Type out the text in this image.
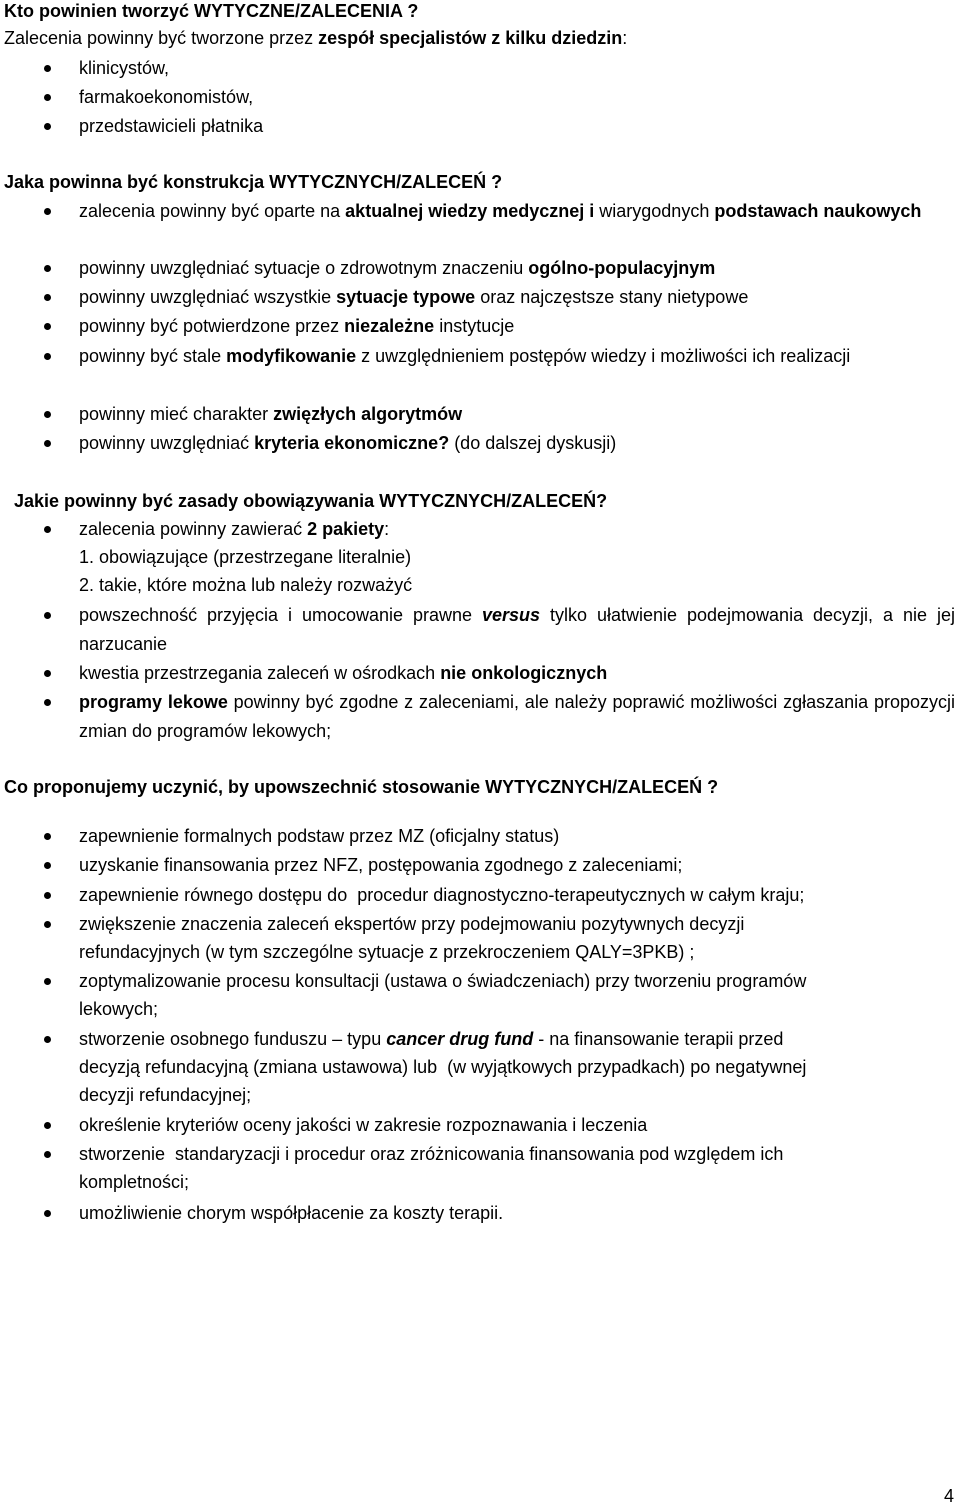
Kto powinien tworzyć WYTYCZNE/ZALECENIA ?
Zalecenia powinny być tworzone przez zespół specjalistów z kilku dziedzin:
klinicystów,
farmakoekonomistów,
przedstawicieli płatnika
Jaka powinna być konstrukcja WYTYCZNYCH/ZALECEŃ ?
zalecenia powinny być oparte na aktualnej wiedzy medycznej i wiarygodnych podstawach naukowych
powinny uwzględniać sytuacje o zdrowotnym znaczeniu ogólno-populacyjnym
powinny uwzględniać wszystkie sytuacje typowe oraz najczęstsze stany nietypowe
powinny być potwierdzone przez niezależne instytucje
powinny być stale modyfikowanie z uwzględnieniem postępów wiedzy i możliwości ich realizacji
powinny mieć charakter zwięzłych algorytmów
powinny uwzględniać kryteria ekonomiczne? (do dalszej dyskusji)
Jakie powinny być zasady obowiązywania WYTYCZNYCH/ZALECEŃ?
zalecenia powinny zawierać 2 pakiety:
1. obowiązujące (przestrzegane literalnie)
2. takie, które można lub należy rozważyć
powszechność przyjęcia i umocowanie prawne versus tylko ułatwienie podejmowania decyzji, a nie jej narzucanie
kwestia przestrzegania zaleceń w ośrodkach nie onkologicznych
programy lekowe powinny być zgodne z zaleceniami, ale należy poprawić możliwości zgłaszania propozycji zmian do programów lekowych;
Co proponujemy uczynić, by upowszechnić stosowanie WYTYCZNYCH/ZALECEŃ ?
zapewnienie formalnych podstaw przez MZ (oficjalny status)
uzyskanie finansowania przez NFZ, postępowania zgodnego z zaleceniami;
zapewnienie równego dostępu do  procedur diagnostyczno-terapeutycznych w całym kraju;
zwiększenie znaczenia zaleceń ekspertów przy podejmowaniu pozytywnych decyzji
refundacyjnych (w tym szczególne sytuacje z przekroczeniem QALY=3PKB) ;
zoptymalizowanie procesu konsultacji (ustawa o świadczeniach) przy tworzeniu programów
lekowych;
stworzenie osobnego funduszu – typu cancer drug fund - na finansowanie terapii przed
decyzją refundacyjną (zmiana ustawowa) lub  (w wyjątkowych przypadkach) po negatywnej
decyzji refundacyjnej;
określenie kryteriów oceny jakości w zakresie rozpoznawania i leczenia
stworzenie  standaryzacji i procedur oraz zróżnicowania finansowania pod względem ich
kompletności;
umożliwienie chorym współpłacenie za koszty terapii.
4
